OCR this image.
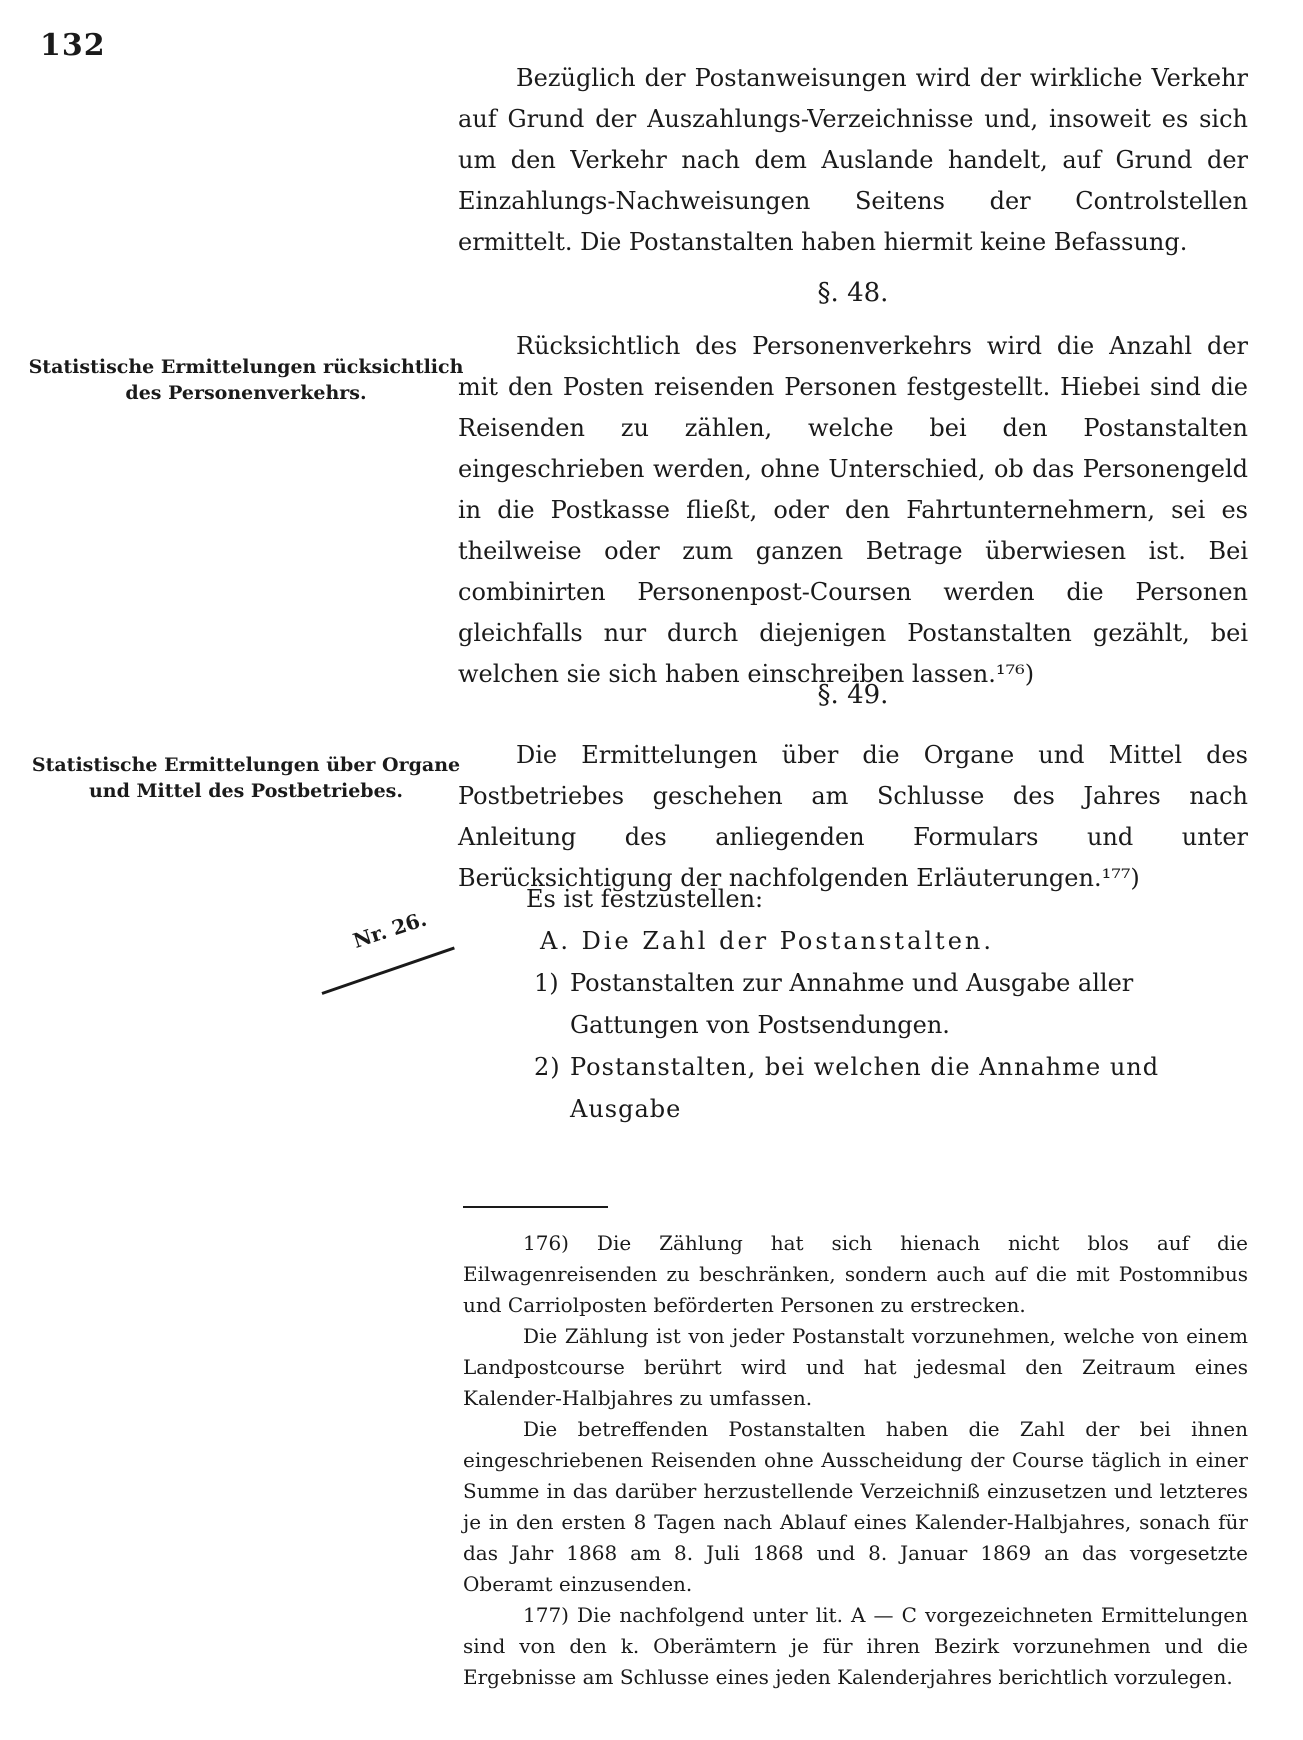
132

Bezüglich der Postanweisungen wird der wirkliche Verkehr auf Grund der Auszahlungs-Verzeichnisse und, insoweit es sich um den Verkehr nach dem Auslande handelt, auf Grund der Einzahlungs-Nachweisungen Seitens der Controlstellen ermittelt. Die Postanstalten haben hiermit keine Befassung.

§. 48.
Statistische Ermittelungen rücksichtlich des Personenverkehrs.

Rücksichtlich des Personenverkehrs wird die Anzahl der mit den Posten reisenden Personen festgestellt. Hiebei sind die Reisenden zu zählen, welche bei den Postanstalten eingeschrieben werden, ohne Unterschied, ob das Personengeld in die Postkasse fließt, oder den Fahrtunternehmern, sei es theilweise oder zum ganzen Betrage überwiesen ist. Bei combinirten Personenpost-Coursen werden die Personen gleichfalls nur durch diejenigen Postanstalten gezählt, bei welchen sie sich haben einschreiben lassen.¹⁷⁶)

§. 49.
Statistische Ermittelungen über Organe und Mittel des Postbetriebes.
Nr. 26.

Die Ermittelungen über die Organe und Mittel des Postbetriebes geschehen am Schlusse des Jahres nach Anleitung des anliegenden Formulars und unter Berücksichtigung der nachfolgenden Erläuterungen.¹⁷⁷)

Es ist festzustellen:
A. Die Zahl der Postanstalten.
1) Postanstalten zur Annahme und Ausgabe aller Gattungen von Postsendungen.
2) Postanstalten, bei welchen die Annahme und Ausgabe

176) Die Zählung hat sich hienach nicht blos auf die Eilwagenreisenden zu beschränken, sondern auch auf die mit Postomnibus und Carriolposten beförderten Personen zu erstrecken.

Die Zählung ist von jeder Postanstalt vorzunehmen, welche von einem Landpostcourse berührt wird und hat jedesmal den Zeitraum eines Kalender-Halbjahres zu umfassen.

Die betreffenden Postanstalten haben die Zahl der bei ihnen eingeschriebenen Reisenden ohne Ausscheidung der Course täglich in einer Summe in das darüber herzustellende Verzeichniß einzusetzen und letzteres je in den ersten 8 Tagen nach Ablauf eines Kalender-Halbjahres, sonach für das Jahr 1868 am 8. Juli 1868 und 8. Januar 1869 an das vorgesetzte Oberamt einzusenden.

177) Die nachfolgend unter lit. A — C vorgezeichneten Ermittelungen sind von den k. Oberämtern je für ihren Bezirk vorzunehmen und die Ergebnisse am Schlusse eines jeden Kalenderjahres berichtlich vorzulegen.
